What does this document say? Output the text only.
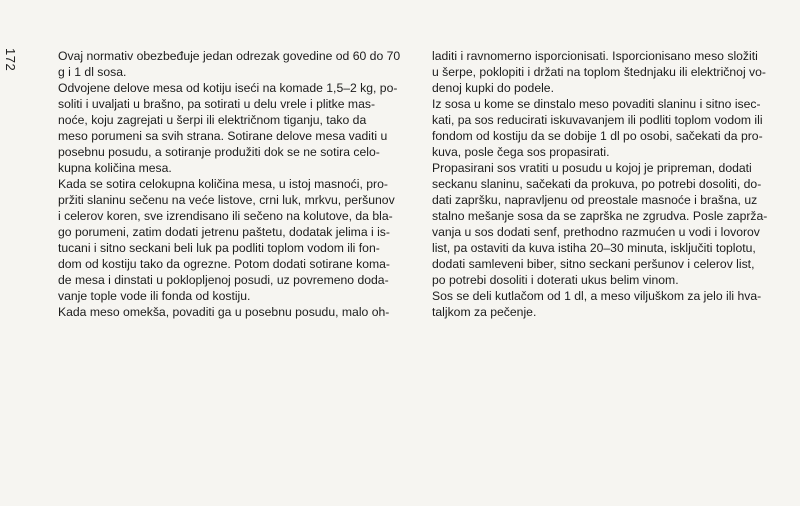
172	Ovaj normativ obezbeđuje jedan odrezak govedine od 60 do 70
g i 1 dl sosa.

Odvojene delove mesa od kotiju iseći na komade 1,5–2 kg, po-
soliti i uvaljati u brašno, pa sotirati u delu vrele i plitke mas-
noće, koju zagrejati u šerpi ili električnom tiganju, tako da
meso porumeni sa svih strana. Sotirane delove mesa vaditi u
posebnu posudu, a sotiranje produžiti dok se ne sotira celo-
kupna količina mesa.

Kada se sotira celokupna količina mesa, u istoj masnoći, pro-
pržiti slaninu sečenu na veće listove, crni luk, mrkvu, peršunov
i celerov koren, sve izrendisano ili sečeno na kolutove, da bla-
go porumeni, zatim dodati jetrenu paštetu, dodatak jelima i is-
tucani i sitno seckani beli luk pa podliti toplom vodom ili fon-
dom od kostiju tako da ogrezne. Potom dodati sotirane koma-
de mesa i dinstati u poklopljenoj posudi, uz povremeno doda-
vanje tople vode ili fonda od kostiju.

Kada meso omekša, povaditi ga u posebnu posudu, malo oh-

laditi i ravnomerno isporcionisati. Isporcionisano meso složiti
u šerpe, poklopiti i držati na toplom štednjaku ili električnoj vo-
denoj kupki do podele.

Iz sosa u kome se dinstalo meso povaditi slaninu i sitno isec-
kati, pa sos reducirati iskuvavanjem ili podliti toplom vodom ili
fondom od kostiju da se dobije 1 dl po osobi, sačekati da pro-
kuva, posle čega sos propasirati.

Propasirani sos vratiti u posudu u kojoj je pripreman, dodati
seckanu slaninu, sačekati da prokuva, po potrebi dosoliti, do-
dati zapršku, napravljenu od preostale masnoće i brašna, uz
stalno mešanje sosa da se zaprška ne zgrudva. Posle zapržа-
vanja u sos dodati senf, prethodno razmućen u vodi i lovorov
list, pa ostaviti da kuva istiha 20–30 minuta, isključiti toplotu,
dodati samleveni biber, sitno seckani peršunov i celerov list,
po potrebi dosoliti i doterati ukus belim vinom.

Sos se deli kutlačom od 1 dl, a meso viljuškom za jelo ili hva-
taljkom za pečenje.
